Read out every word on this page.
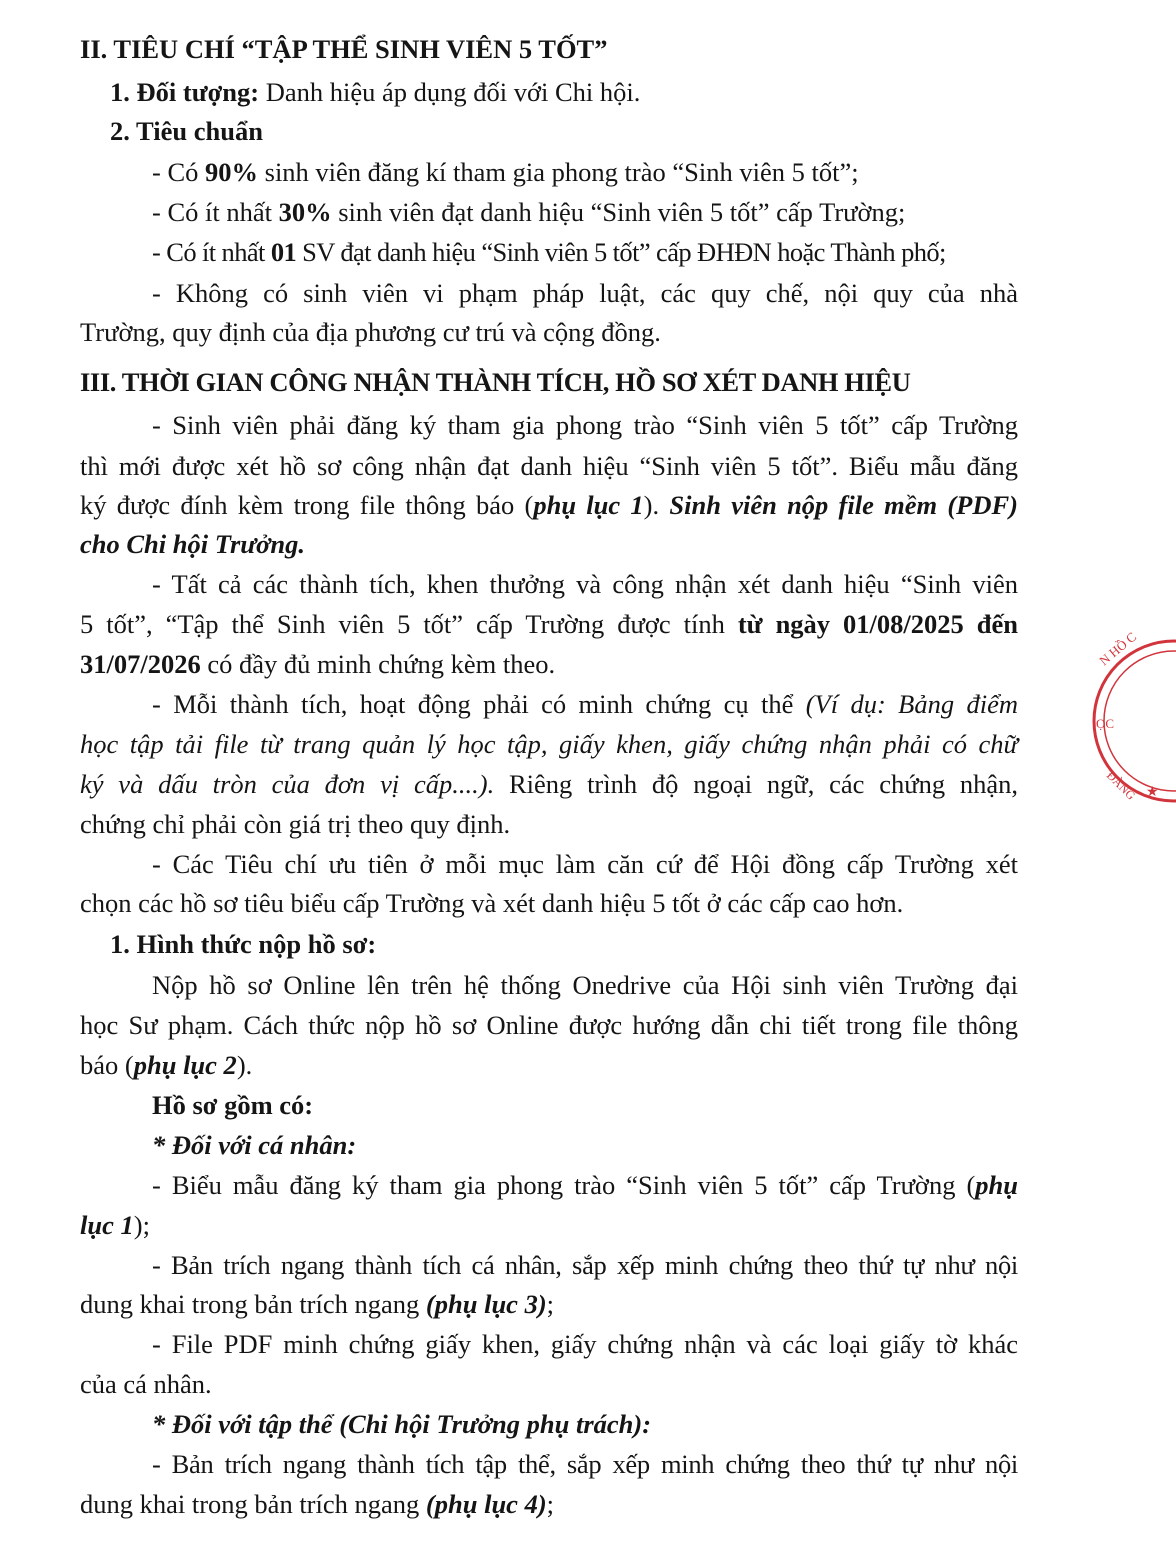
II. TIÊU CHÍ “TẬP THỂ SINH VIÊN 5 TỐT”
1. Đối tượng: Danh hiệu áp dụng đối với Chi hội.
2. Tiêu chuẩn
- Có 90% sinh viên đăng kí tham gia phong trào “Sinh viên 5 tốt”;
- Có ít nhất 30% sinh viên đạt danh hiệu “Sinh viên 5 tốt” cấp Trường;
- Có ít nhất 01 SV đạt danh hiệu “Sinh viên 5 tốt” cấp ĐHĐN hoặc Thành phố;
- Không có sinh viên vi phạm pháp luật, các quy chế, nội quy của nhà
Trường, quy định của địa phương cư trú và cộng đồng.
III. THỜI GIAN CÔNG NHẬN THÀNH TÍCH, HỒ SƠ XÉT DANH HIỆU
- Sinh viên phải đăng ký tham gia phong trào “Sinh viên 5 tốt” cấp Trường
thì mới được xét hồ sơ công nhận đạt danh hiệu “Sinh viên 5 tốt”. Biểu mẫu đăng
ký được đính kèm trong file thông báo (phụ lục 1). Sinh viên nộp file mềm (PDF)
cho Chi hội Trưởng.
- Tất cả các thành tích, khen thưởng và công nhận xét danh hiệu “Sinh viên
5 tốt”, “Tập thể Sinh viên 5 tốt” cấp Trường được tính từ ngày 01/08/2025 đến
31/07/2026 có đầy đủ minh chứng kèm theo.
- Mỗi thành tích, hoạt động phải có minh chứng cụ thể (Ví dụ: Bảng điểm
học tập tải file từ trang quản lý học tập, giấy khen, giấy chứng nhận phải có chữ
ký và dấu tròn của đơn vị cấp....). Riêng trình độ ngoại ngữ, các chứng nhận,
chứng chỉ phải còn giá trị theo quy định.
- Các Tiêu chí ưu tiên ở mỗi mục làm căn cứ để Hội đồng cấp Trường xét
chọn các hồ sơ tiêu biểu cấp Trường và xét danh hiệu 5 tốt ở các cấp cao hơn.
1. Hình thức nộp hồ sơ:
Nộp hồ sơ Online lên trên hệ thống Onedrive của Hội sinh viên Trường đại
học Sư phạm. Cách thức nộp hồ sơ Online được hướng dẫn chi tiết trong file thông
báo (phụ lục 2).
Hồ sơ gồm có:
* Đối với cá nhân:
- Biểu mẫu đăng ký tham gia phong trào “Sinh viên 5 tốt” cấp Trường (phụ
lục 1);
- Bản trích ngang thành tích cá nhân, sắp xếp minh chứng theo thứ tự như nội
dung khai trong bản trích ngang (phụ lục 3);
- File PDF minh chứng giấy khen, giấy chứng nhận và các loại giấy tờ khác
của cá nhân.
* Đối với tập thể (Chi hội Trưởng phụ trách):
- Bản trích ngang thành tích tập thể, sắp xếp minh chứng theo thứ tự như nội
dung khai trong bản trích ngang (phụ lục 4);
N HỒ C
ỌC
ĐÀNG ★
